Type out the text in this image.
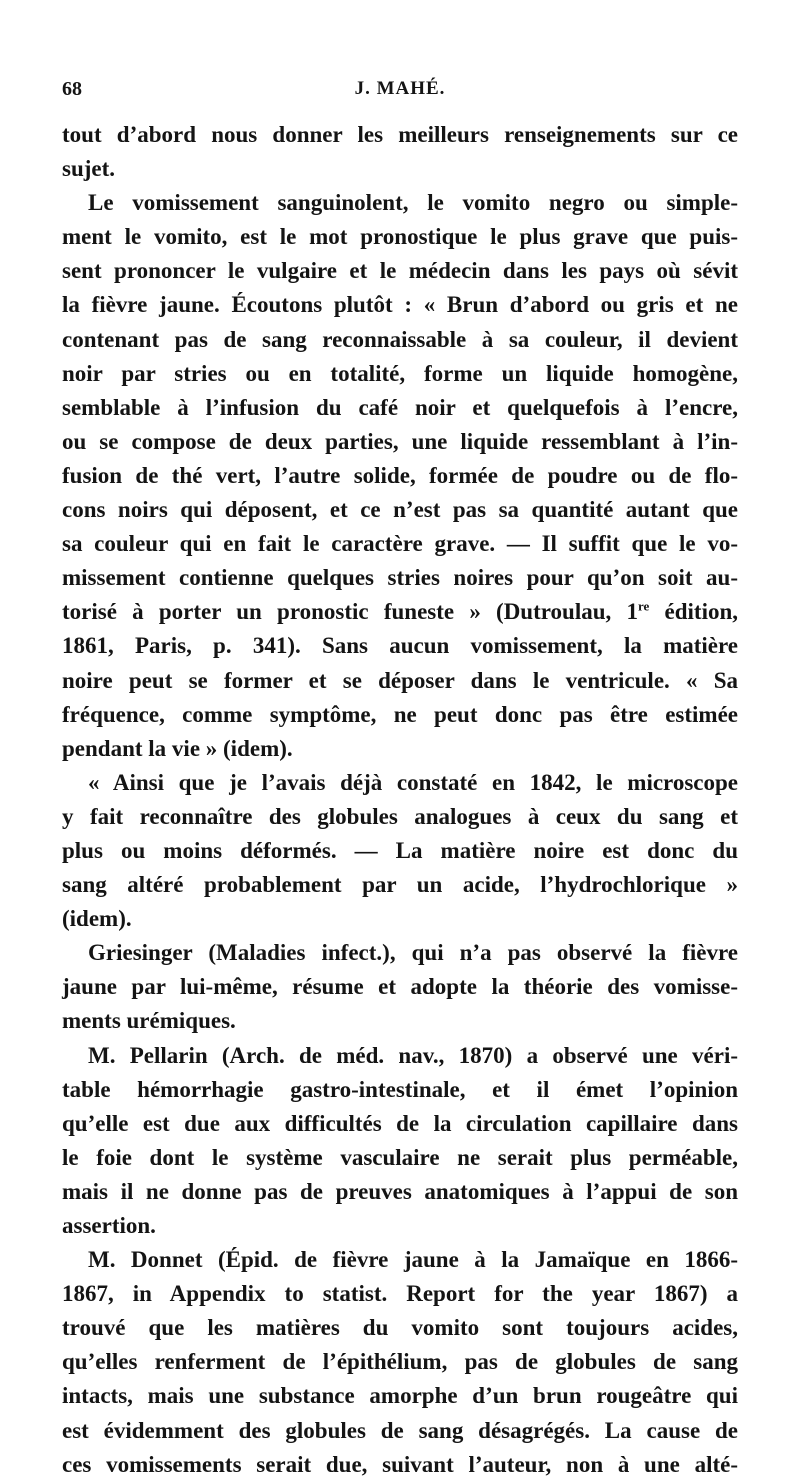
68	J. MAHÉ.
tout d’abord nous donner les meilleurs renseignements sur ce
sujet.
Le vomissement sanguinolent, le vomito negro ou simple-
ment le vomito, est le mot pronostique le plus grave que puis-
sent prononcer le vulgaire et le médecin dans les pays où sévit
la fièvre jaune. Écoutons plutôt : « Brun d’abord ou gris et ne
contenant pas de sang reconnaissable à sa couleur, il devient
noir par stries ou en totalité, forme un liquide homogène,
semblable à l’infusion du café noir et quelquefois à l’encre,
ou se compose de deux parties, une liquide ressemblant à l’in-
fusion de thé vert, l’autre solide, formée de poudre ou de flo-
cons noirs qui déposent, et ce n’est pas sa quantité autant que
sa couleur qui en fait le caractère grave. — Il suffit que le vo-
missement contienne quelques stries noires pour qu’on soit au-
torisé à porter un pronostic funeste » (Dutroulau, 1re édition,
1861, Paris, p. 341). Sans aucun vomissement, la matière
noire peut se former et se déposer dans le ventricule. « Sa
fréquence, comme symptôme, ne peut donc pas être estimée
pendant la vie » (idem).
« Ainsi que je l’avais déjà constaté en 1842, le microscope
y fait reconnaître des globules analogues à ceux du sang et
plus ou moins déformés. — La matière noire est donc du
sang altéré probablement par un acide, l’hydrochlorique »
(idem).
Griesinger (Maladies infect.), qui n’a pas observé la fièvre
jaune par lui-même, résume et adopte la théorie des vomisse-
ments urémiques.
M. Pellarin (Arch. de méd. nav., 1870) a observé une véri-
table hémorrhagie gastro-intestinale, et il émet l’opinion
qu’elle est due aux difficultés de la circulation capillaire dans
le foie dont le système vasculaire ne serait plus perméable,
mais il ne donne pas de preuves anatomiques à l’appui de son
assertion.
M. Donnet (Épid. de fièvre jaune à la Jamaïque en 1866-
1867, in Appendix to statist. Report for the year 1867) a
trouvé que les matières du vomito sont toujours acides,
qu’elles renferment de l’épithélium, pas de globules de sang
intacts, mais une substance amorphe d’un brun rougeâtre qui
est évidemment des globules de sang désagrégés. La cause de
ces vomissements serait due, suivant l’auteur, non à une alté-
